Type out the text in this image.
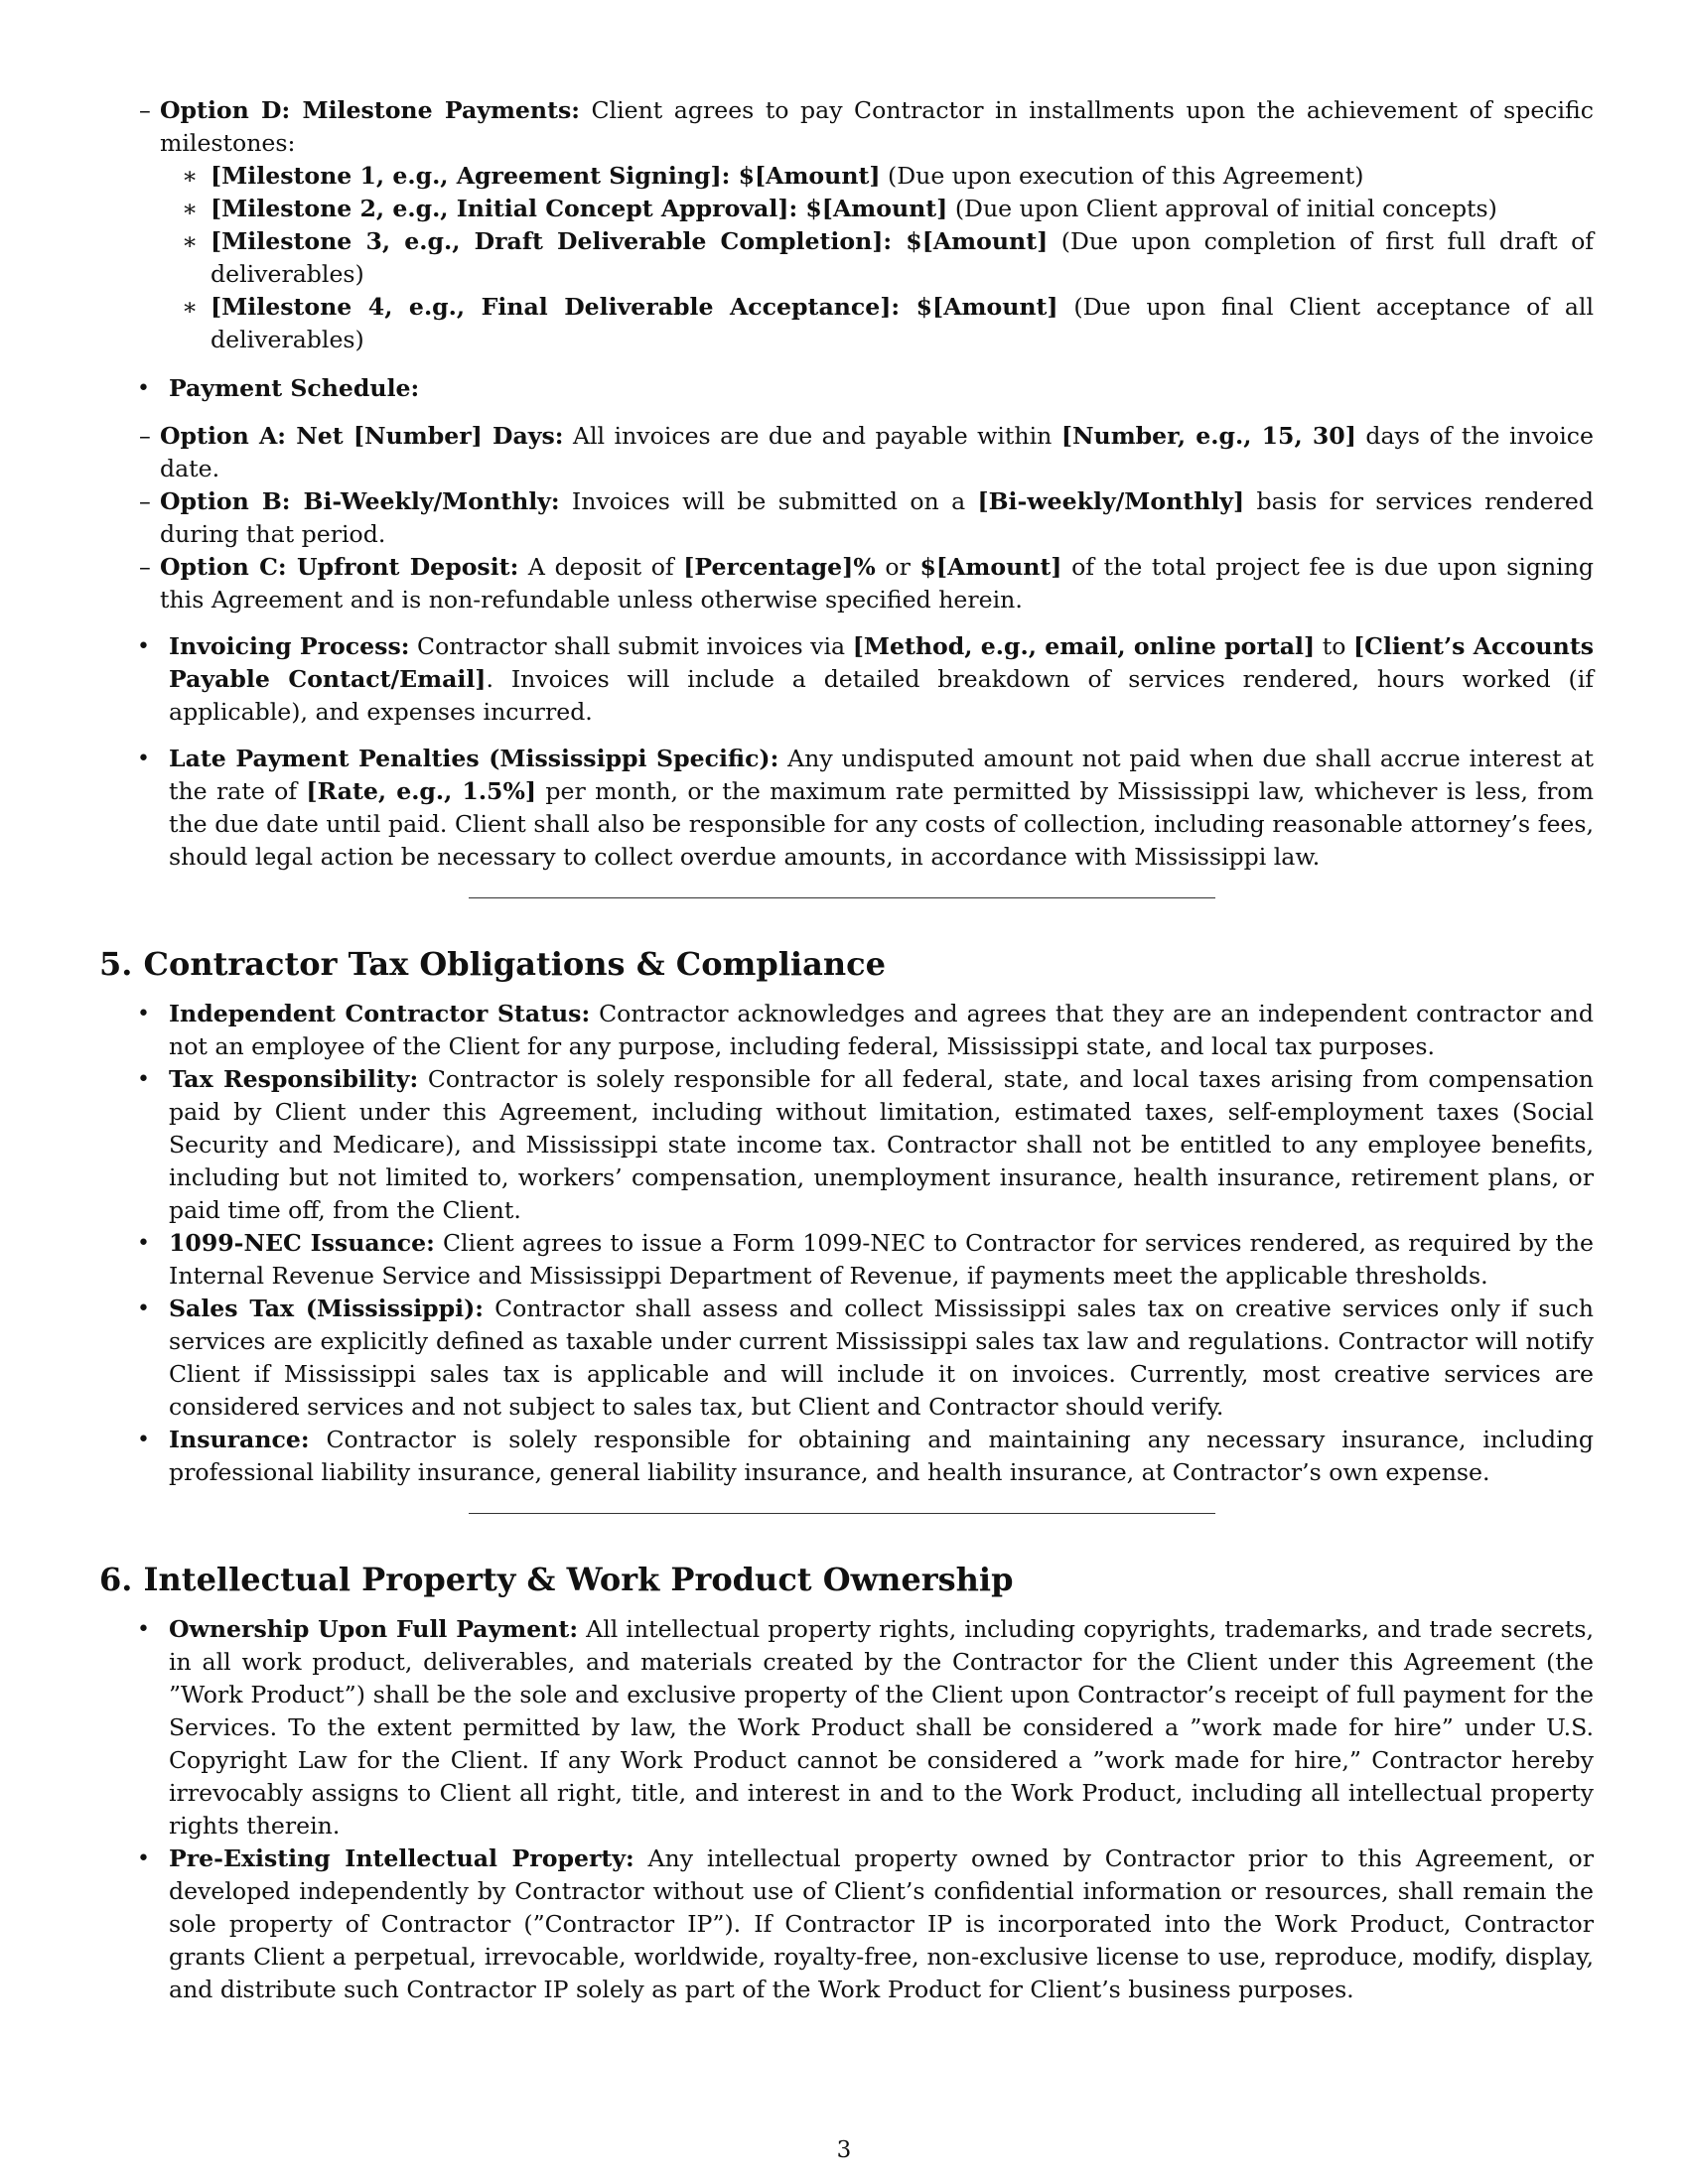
– Option D: Milestone Payments: Client agrees to pay Contractor in installments upon the achievement of specific milestones:
∗ [Milestone 1, e.g., Agreement Signing]: $[Amount] (Due upon execution of this Agreement)
∗ [Milestone 2, e.g., Initial Concept Approval]: $[Amount] (Due upon Client approval of initial concepts)
∗ [Milestone 3, e.g., Draft Deliverable Completion]: $[Amount] (Due upon completion of first full draft of deliverables)
∗ [Milestone 4, e.g., Final Deliverable Acceptance]: $[Amount] (Due upon final Client acceptance of all deliverables)
• Payment Schedule:
– Option A: Net [Number] Days: All invoices are due and payable within [Number, e.g., 15, 30] days of the invoice date.
– Option B: Bi-Weekly/Monthly: Invoices will be submitted on a [Bi-weekly/Monthly] basis for services rendered during that period.
– Option C: Upfront Deposit: A deposit of [Percentage]% or $[Amount] of the total project fee is due upon signing this Agreement and is non-refundable unless otherwise specified herein.
• Invoicing Process: Contractor shall submit invoices via [Method, e.g., email, online portal] to [Client’s Accounts Payable Contact/Email]. Invoices will include a detailed breakdown of services rendered, hours worked (if applicable), and expenses incurred.
• Late Payment Penalties (Mississippi Specific): Any undisputed amount not paid when due shall accrue interest at the rate of [Rate, e.g., 1.5%] per month, or the maximum rate permitted by Mississippi law, whichever is less, from the due date until paid. Client shall also be responsible for any costs of collection, including reasonable attorney’s fees, should legal action be necessary to collect overdue amounts, in accordance with Mississippi law.
5. Contractor Tax Obligations & Compliance
• Independent Contractor Status: Contractor acknowledges and agrees that they are an independent contractor and not an employee of the Client for any purpose, including federal, Mississippi state, and local tax purposes.
• Tax Responsibility: Contractor is solely responsible for all federal, state, and local taxes arising from compensation paid by Client under this Agreement, including without limitation, estimated taxes, self-employment taxes (Social Security and Medicare), and Mississippi state income tax. Contractor shall not be entitled to any employee benefits, including but not limited to, workers’ compensation, unemployment insurance, health insurance, retirement plans, or paid time off, from the Client.
• 1099-NEC Issuance: Client agrees to issue a Form 1099-NEC to Contractor for services rendered, as required by the Internal Revenue Service and Mississippi Department of Revenue, if payments meet the applicable thresholds.
• Sales Tax (Mississippi): Contractor shall assess and collect Mississippi sales tax on creative services only if such services are explicitly defined as taxable under current Mississippi sales tax law and regulations. Contractor will notify Client if Mississippi sales tax is applicable and will include it on invoices. Currently, most creative services are considered services and not subject to sales tax, but Client and Contractor should verify.
• Insurance: Contractor is solely responsible for obtaining and maintaining any necessary insurance, including professional liability insurance, general liability insurance, and health insurance, at Contractor’s own expense.
6. Intellectual Property & Work Product Ownership
• Ownership Upon Full Payment: All intellectual property rights, including copyrights, trademarks, and trade secrets, in all work product, deliverables, and materials created by the Contractor for the Client under this Agreement (the ”Work Product”) shall be the sole and exclusive property of the Client upon Contractor’s receipt of full payment for the Services. To the extent permitted by law, the Work Product shall be considered a ”work made for hire” under U.S. Copyright Law for the Client. If any Work Product cannot be considered a ”work made for hire,” Contractor hereby irrevocably assigns to Client all right, title, and interest in and to the Work Product, including all intellectual property rights therein.
• Pre-Existing Intellectual Property: Any intellectual property owned by Contractor prior to this Agreement, or developed independently by Contractor without use of Client’s confidential information or resources, shall remain the sole property of Contractor (”Contractor IP”). If Contractor IP is incorporated into the Work Product, Contractor grants Client a perpetual, irrevocable, worldwide, royalty-free, non-exclusive license to use, reproduce, modify, display, and distribute such Contractor IP solely as part of the Work Product for Client’s business purposes.
3
